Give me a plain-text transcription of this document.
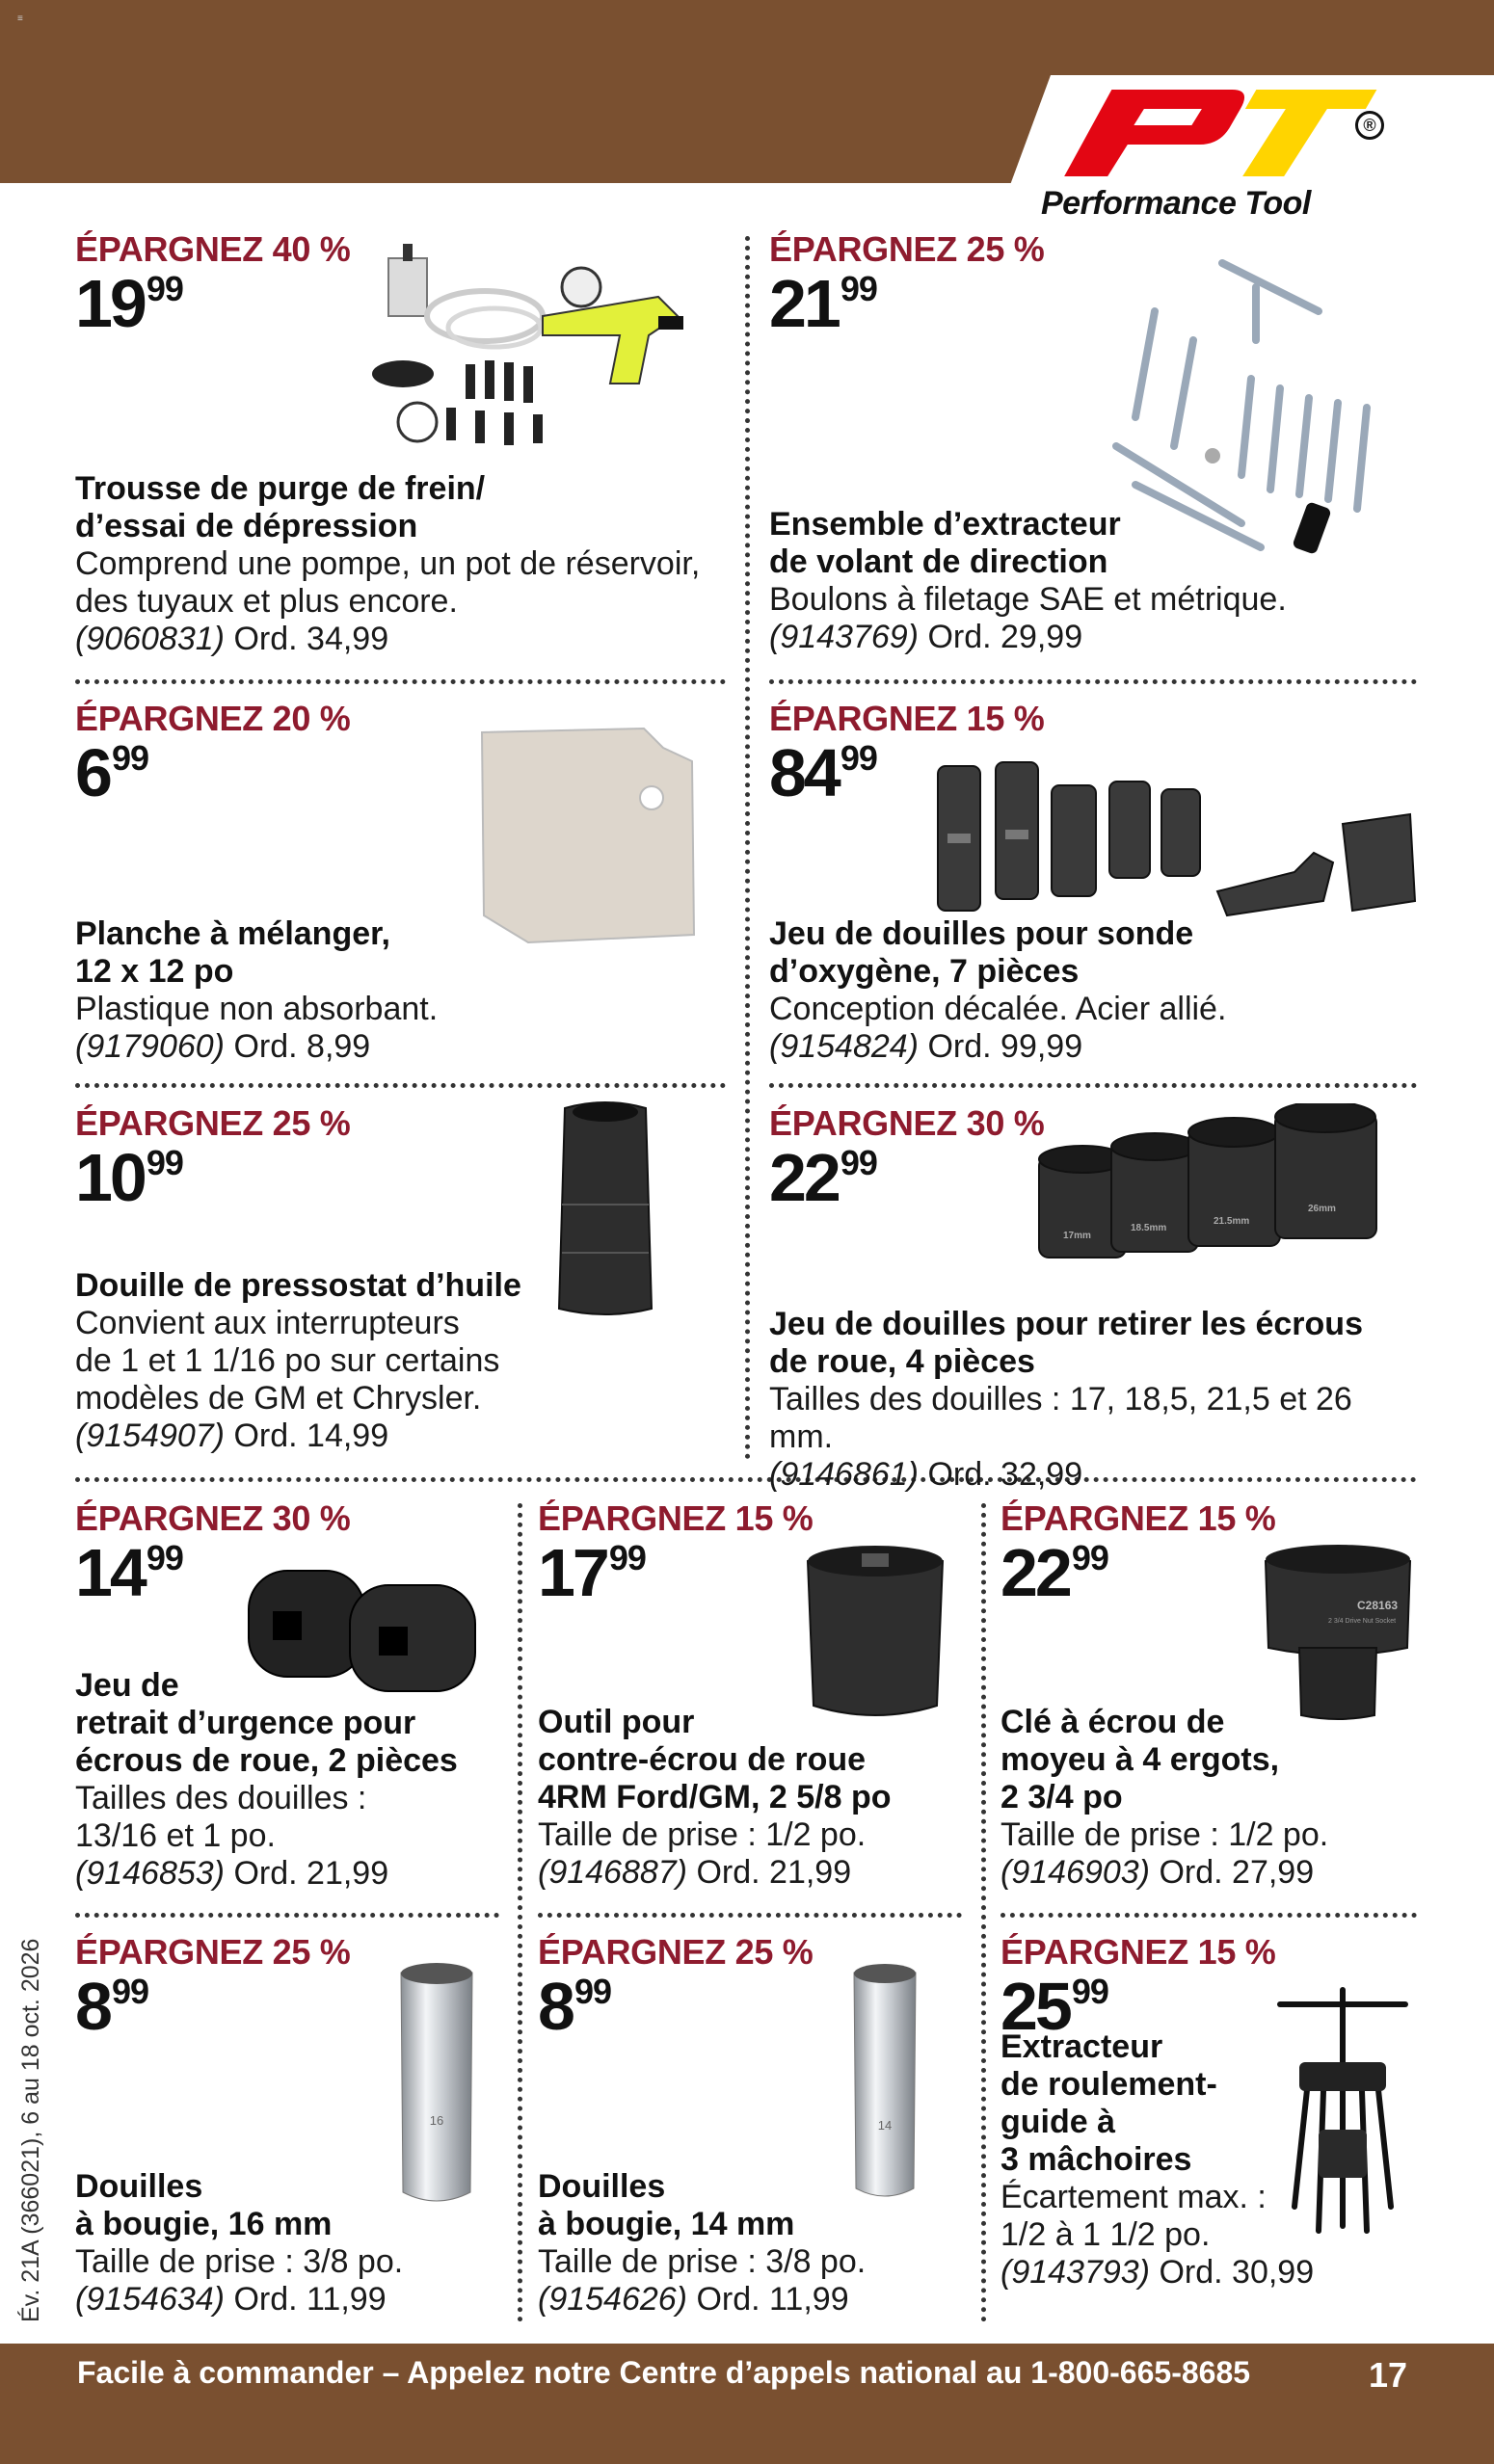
≡
®
Performance Tool
ÉPARGNEZ 40 %
$19^{99}$
Trousse de purge de frein/
d’essai de dépression
Comprend une pompe, un pot de réservoir,
des tuyaux et plus encore.
(9060831) Ord. 34,99
ÉPARGNEZ 25 %
$21^{99}$
Ensemble d’extracteur
de volant de direction
Boulons à filetage SAE et métrique.
(9143769) Ord. 29,99
ÉPARGNEZ 20 %
$6^{99}$
Planche à mélanger,
12 x 12 po
Plastique non absorbant.
(9179060) Ord. 8,99
ÉPARGNEZ 15 %
$84^{99}$
Jeu de douilles pour sonde
d’oxygène, 7 pièces
Conception décalée. Acier allié.
(9154824) Ord. 99,99
ÉPARGNEZ 25 %
$10^{99}$
Douille de pressostat d’huile
Convient aux interrupteurs
de 1 et 1 1/16 po sur certains
modèles de GM et Chrysler.
(9154907) Ord. 14,99
ÉPARGNEZ 30 %
$22^{99}$
17mm
18.5mm
21.5mm
26mm
Jeu de douilles pour retirer les écrous
de roue, 4 pièces
Tailles des douilles : 17, 18,5, 21,5 et 26 mm.
(9146861) Ord. 32,99
ÉPARGNEZ 30 %
$14^{99}$
Jeu de
retrait d’urgence pour
écrous de roue, 2 pièces
Tailles des douilles :
13/16 et 1 po.
(9146853) Ord. 21,99
ÉPARGNEZ 15 %
$17^{99}$
Outil pour
contre-écrou de roue
4RM Ford/GM, 2 5/8 po
Taille de prise : 1/2 po.
(9146887) Ord. 21,99
ÉPARGNEZ 15 %
$22^{99}$
C28163
2 3/4 Drive Nut Socket
Clé à écrou de
moyeu à 4 ergots,
2 3/4 po
Taille de prise : 1/2 po.
(9146903) Ord. 27,99
ÉPARGNEZ 25 %
$8^{99}$
16
Douilles
à bougie, 16 mm
Taille de prise : 3/8 po.
(9154634) Ord. 11,99
ÉPARGNEZ 25 %
$8^{99}$
14
Douilles
à bougie, 14 mm
Taille de prise : 3/8 po.
(9154626) Ord. 11,99
ÉPARGNEZ 15 %
$25^{99}$
Extracteur
de roulement-
guide à
3 mâchoires
Écartement max. :
1/2 à 1 1/2 po.
(9143793) Ord. 30,99
Év. 21A (366021), 6 au 18 oct. 2026
Facile à commander – Appelez notre Centre d’appels national au 1-800-665-8685	17
